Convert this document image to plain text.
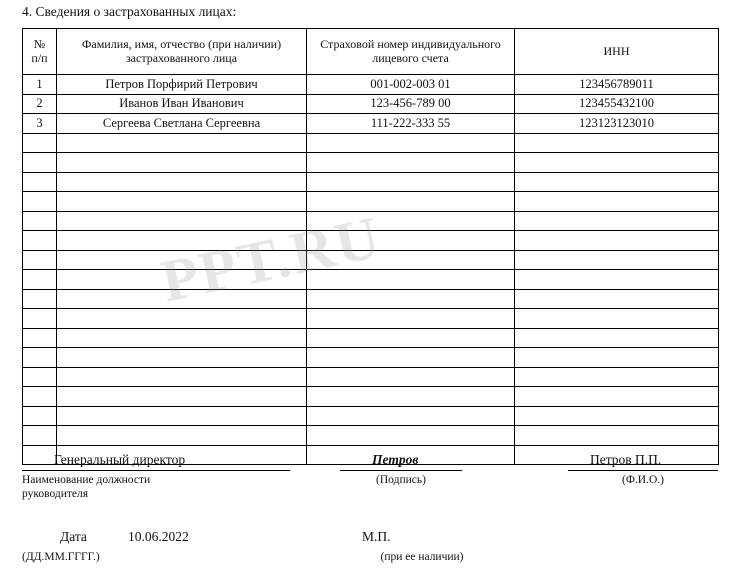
4. Сведения о застрахованных лицах:
№
п/п	Фамилия, имя, отчество (при наличии) застрахованного лица	Страховой номер индивидуального лицевого счета	ИНН
1	Петров Порфирий Петрович	001-002-003 01	123456789011
2	Иванов Иван Иванович	123-456-789 00	123455432100
3	Сергеева Светлана Сергеевна	111-222-333 55	123123123010

PPT.RU
Генеральный директор
Наименование должности
руководителя
Петров
(Подпись)
Петров П.П.
(Ф.И.О.)
Дата	10.06.2022
(ДД.ММ.ГГГГ.)
М.П.
(при ее наличии)
